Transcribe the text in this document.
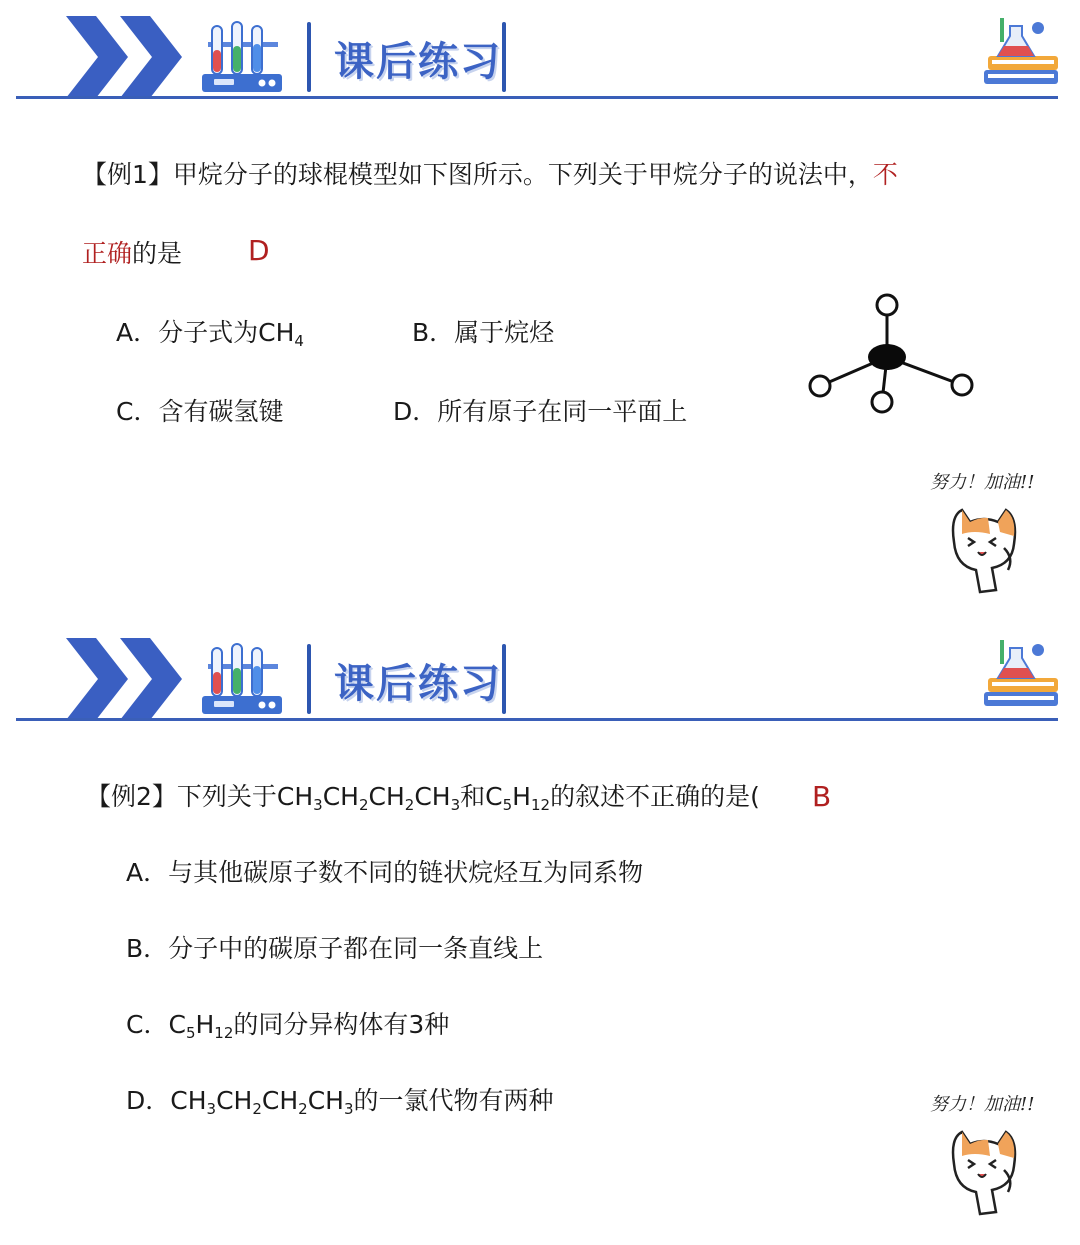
课后练习
【例1】甲烷分子的球棍模型如下图所示。下列关于甲烷分子的说法中，不
正确的是 D
A．分子式为$CH_4$	B．属于烷烃
C．含有碳氢键	D．所有原子在同一平面上
努力！加油!!
课后练习
【例2】下列关于$CH_3CH_2CH_2CH_3$和$C_5H_{12}$的叙述不正确的是( B
A．与其他碳原子数不同的链状烷烃互为同系物
B．分子中的碳原子都在同一条直线上
C．$C_5H_{12}$的同分异构体有3种
D．$CH_3CH_2CH_2CH_3$的一氯代物有两种	努力！加油!!
